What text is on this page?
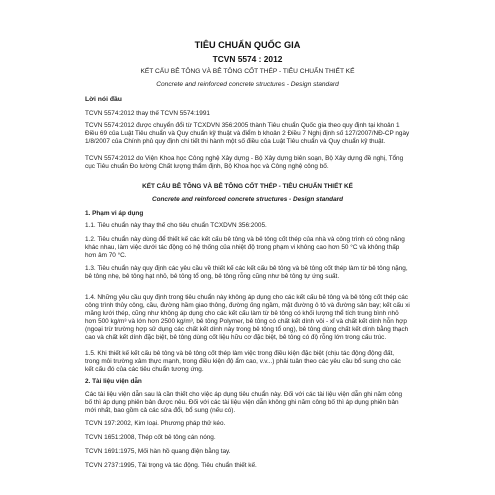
TIÊU CHUẨN QUỐC GIA

TCVN 5574 : 2012

KẾT CẤU BÊ TÔNG VÀ BÊ TÔNG CỐT THÉP - TIÊU CHUẨN THIẾT KẾ

Concrete and reinforced concrete structures - Design standard

Lời nói đầu

TCVN 5574:2012 thay thế TCVN 5574:1991

TCVN 5574:2012 được chuyển đổi từ TCXDVN 356:2005 thành Tiêu chuẩn Quốc gia theo quy định tại khoản 1 Điều 69 của Luật Tiêu chuẩn và Quy chuẩn kỹ thuật và điểm b khoản 2 Điều 7 Nghị định số 127/2007/NĐ-CP ngày 1/8/2007 của Chính phủ quy định chi tiết thi hành một số điều của Luật Tiêu chuẩn và Quy chuẩn kỹ thuật.

TCVN 5574:2012 do Viện Khoa học Công nghệ Xây dựng - Bộ Xây dựng biên soạn, Bộ Xây dựng đề nghị, Tổng cục Tiêu chuẩn Đo lường Chất lượng thẩm định, Bộ Khoa học và Công nghệ công bố.

KẾT CẤU BÊ TÔNG VÀ BÊ TÔNG CỐT THÉP - TIÊU CHUẨN THIẾT KẾ

Concrete and reinforced concrete structures - Design standard

1. Phạm vi áp dụng

1.1. Tiêu chuẩn này thay thế cho tiêu chuẩn TCXDVN 356:2005.

1.2. Tiêu chuẩn này dùng để thiết kế các kết cấu bê tông và bê tông cốt thép của nhà và công trình có công năng khác nhau, làm việc dưới tác động có hệ thống của nhiệt độ trong phạm vi không cao hơn 50 °C và không thấp hơn âm 70 °C.

1.3. Tiêu chuẩn này quy định các yêu cầu về thiết kế các kết cấu bê tông và bê tông cốt thép làm từ bê tông nặng, bê tông nhẹ, bê tông hạt nhỏ, bê tông tổ ong, bê tông rỗng cũng như bê tông tự ứng suất.

1.4. Những yêu cầu quy định trong tiêu chuẩn này không áp dụng cho các kết cấu bê tông và bê tông cốt thép các công trình thủy công, cầu, đường hầm giao thông, đường ống ngầm, mặt đường ô tô và đường sân bay; kết cấu xi măng lưới thép, cũng như không áp dụng cho các kết cấu làm từ bê tông có khối lượng thể tích trung bình nhỏ hơn 500 kg/m³ và lớn hơn 2500 kg/m³, bê tông Polymer, bê tông có chất kết dính vôi - xỉ và chất kết dính hỗn hợp (ngoại trừ trường hợp sử dụng các chất kết dính này trong bê tông tổ ong), bê tông dùng chất kết dính bằng thạch cao và chất kết dính đặc biệt, bê tông dùng cốt liệu hữu cơ đặc biệt, bê tông có độ rỗng lớn trong cấu trúc.

1.5. Khi thiết kế kết cấu bê tông và bê tông cốt thép làm việc trong điều kiện đặc biệt (chịu tác động động đất, trong môi trường xâm thực mạnh, trong điều kiện độ ẩm cao, v.v...) phải tuân theo các yêu cầu bổ sung cho các kết cấu đó của các tiêu chuẩn tương ứng.

2. Tài liệu viện dẫn

Các tài liệu viện dẫn sau là cần thiết cho việc áp dụng tiêu chuẩn này. Đối với các tài liệu viện dẫn ghi năm công bố thì áp dụng phiên bản được nêu. Đối với các tài liệu viện dẫn không ghi năm công bố thì áp dụng phiên bản mới nhất, bao gồm cả các sửa đổi, bổ sung (nếu có).

TCVN 197:2002, Kim loại. Phương pháp thử kéo.

TCVN 1651:2008, Thép cốt bê tông cán nóng.

TCVN 1691:1975, Mối hàn hồ quang điện bằng tay.

TCVN 2737:1995, Tải trọng và tác động. Tiêu chuẩn thiết kế.
